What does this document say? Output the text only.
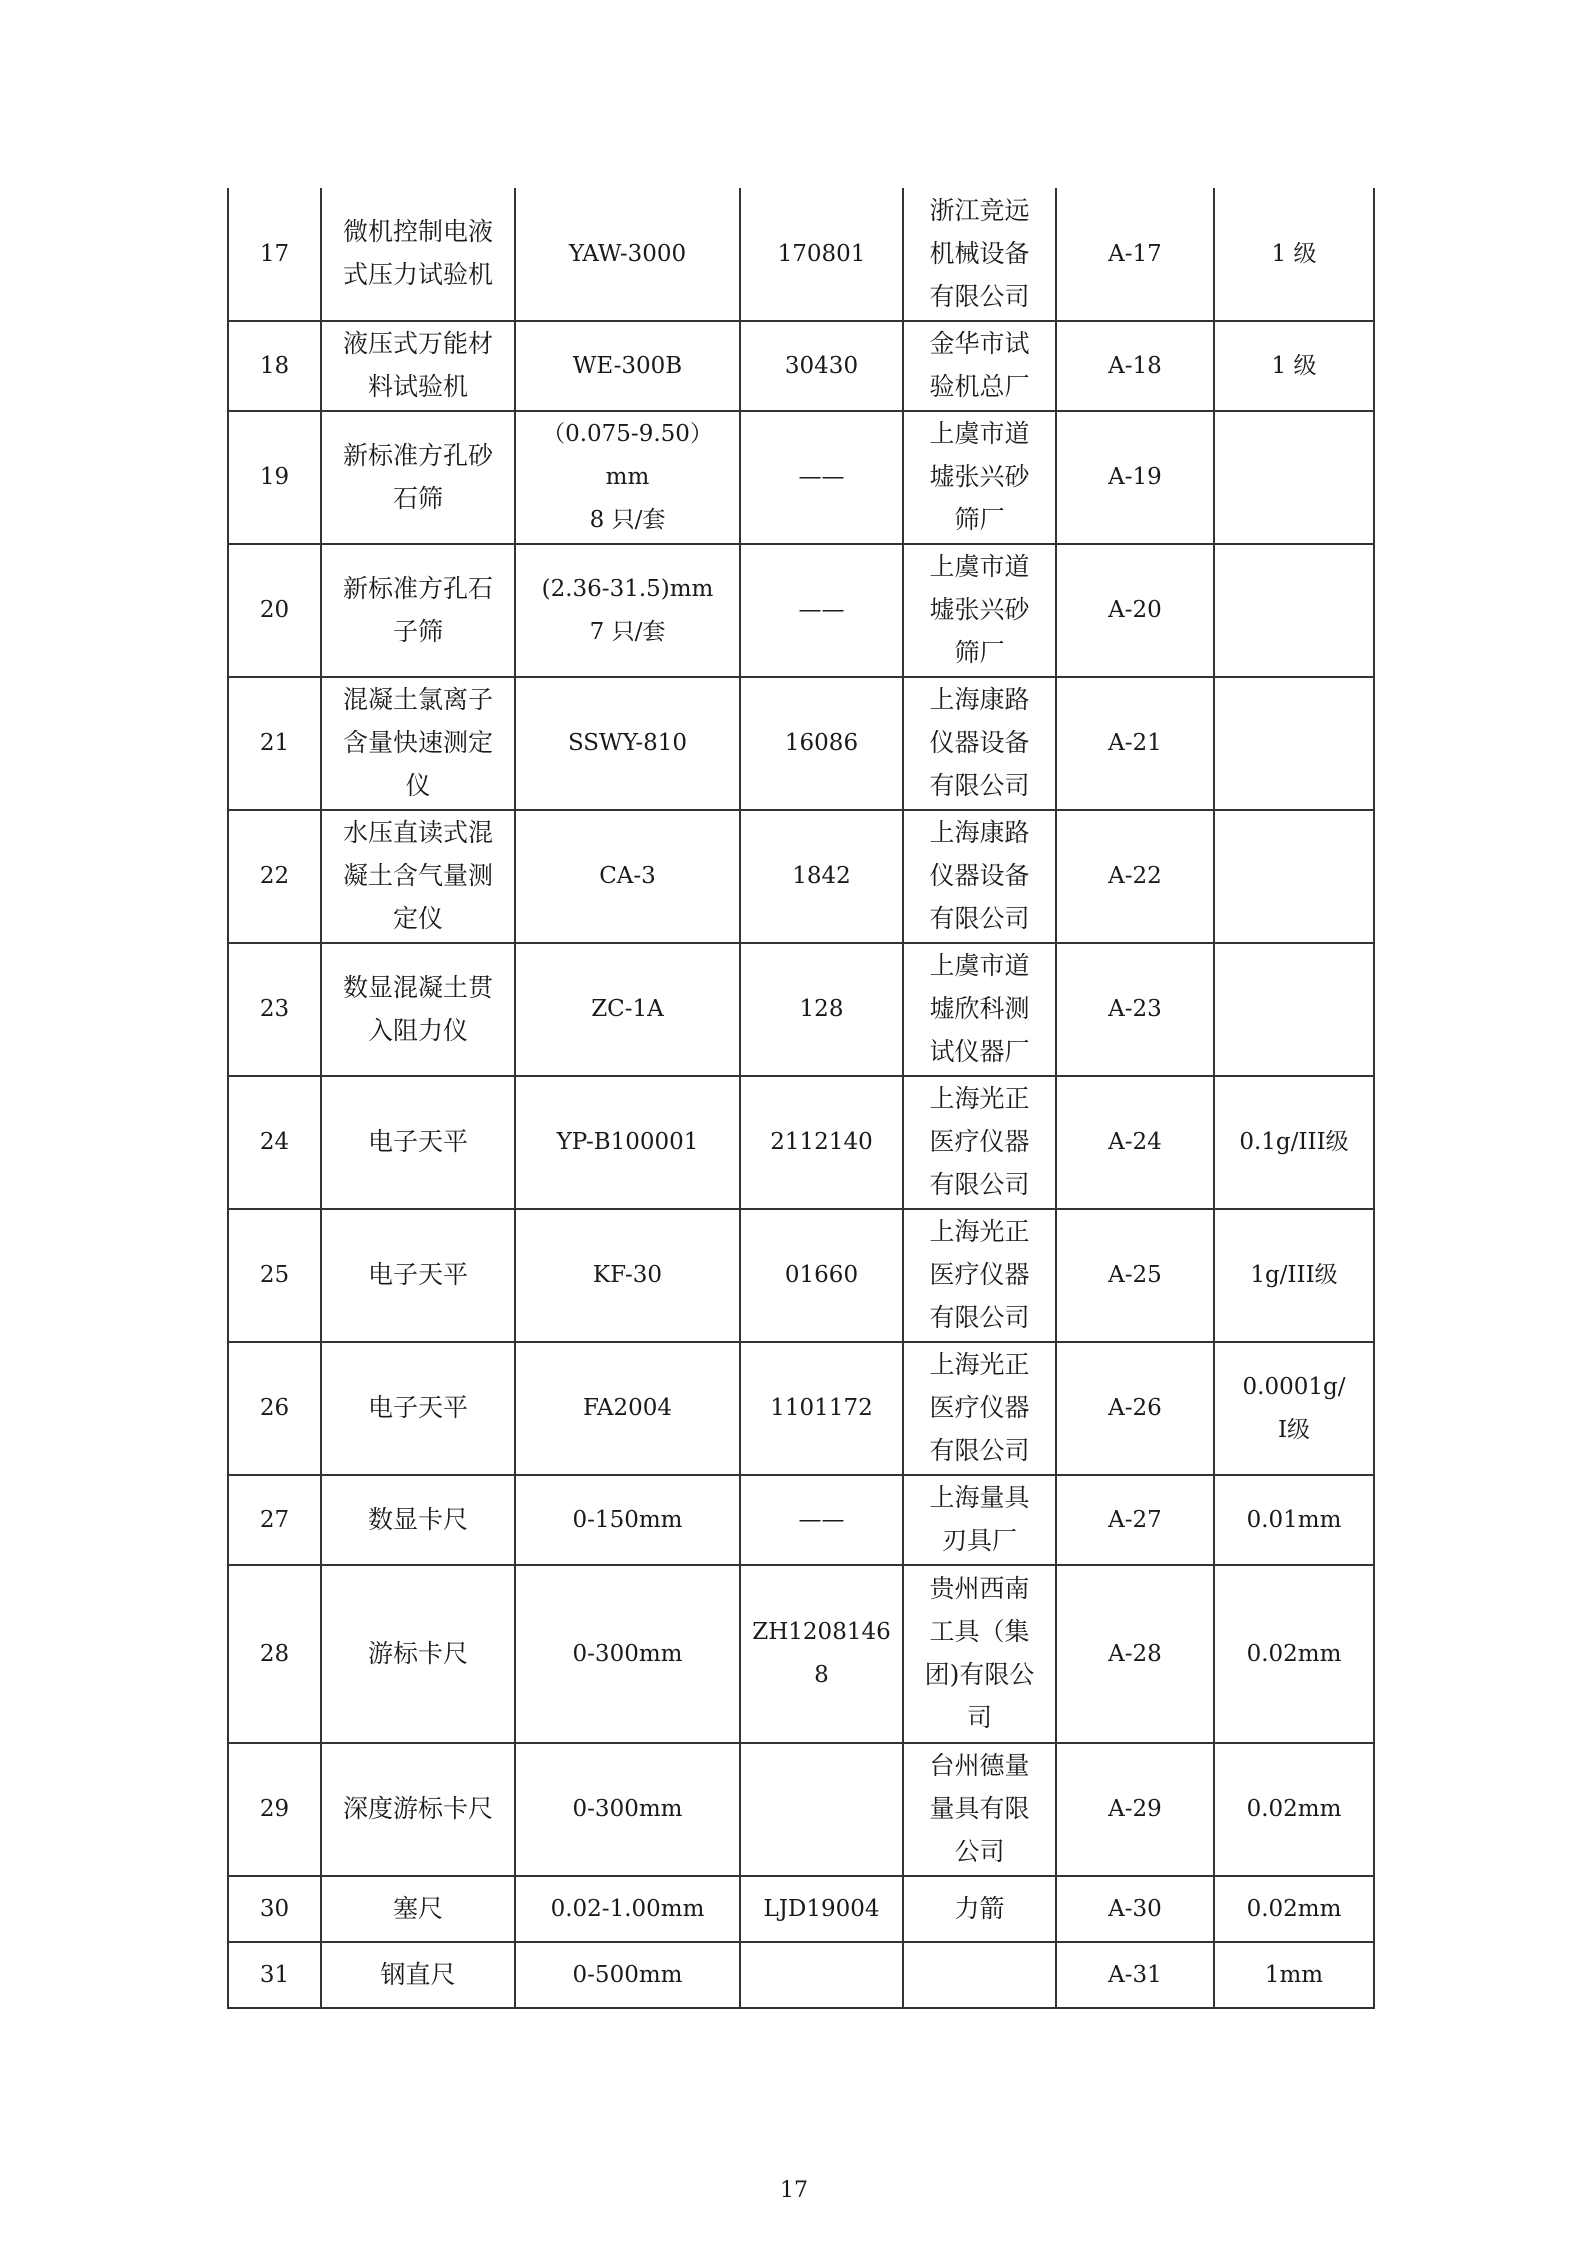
17	微机控制电液
式压力试验机	YAW-3000	170801	浙江竞远
机械设备
有限公司	A-17	1 级
18	液压式万能材
料试验机	WE-300B	30430	金华市试
验机总厂	A-18	1 级
19	新标准方孔砂
石筛	（0.075-9.50）
mm
8 只/套	——	上虞市道
墟张兴砂
筛厂	A-19	
20	新标准方孔石
子筛	(2.36-31.5)mm
7 只/套	——	上虞市道
墟张兴砂
筛厂	A-20	
21	混凝土氯离子
含量快速测定
仪	SSWY-810	16086	上海康路
仪器设备
有限公司	A-21	
22	水压直读式混
凝土含气量测
定仪	CA-3	1842	上海康路
仪器设备
有限公司	A-22	
23	数显混凝土贯
入阻力仪	ZC-1A	128	上虞市道
墟欣科测
试仪器厂	A-23	
24	电子天平	YP-B100001	2112140	上海光正
医疗仪器
有限公司	A-24	0.1g/III级
25	电子天平	KF-30	01660	上海光正
医疗仪器
有限公司	A-25	1g/III级
26	电子天平	FA2004	1101172	上海光正
医疗仪器
有限公司	A-26	0.0001g/
Ⅰ级
27	数显卡尺	0-150mm	——	上海量具
刃具厂	A-27	0.01mm
28	游标卡尺	0-300mm	ZH12081468	贵州西南
工具（集
团)有限公
司	A-28	0.02mm
29	深度游标卡尺	0-300mm		台州德量
量具有限
公司	A-29	0.02mm
30	塞尺	0.02-1.00mm	LJD19004	力箭	A-30	0.02mm
31	钢直尺	0-500mm			A-31	1mm
17
